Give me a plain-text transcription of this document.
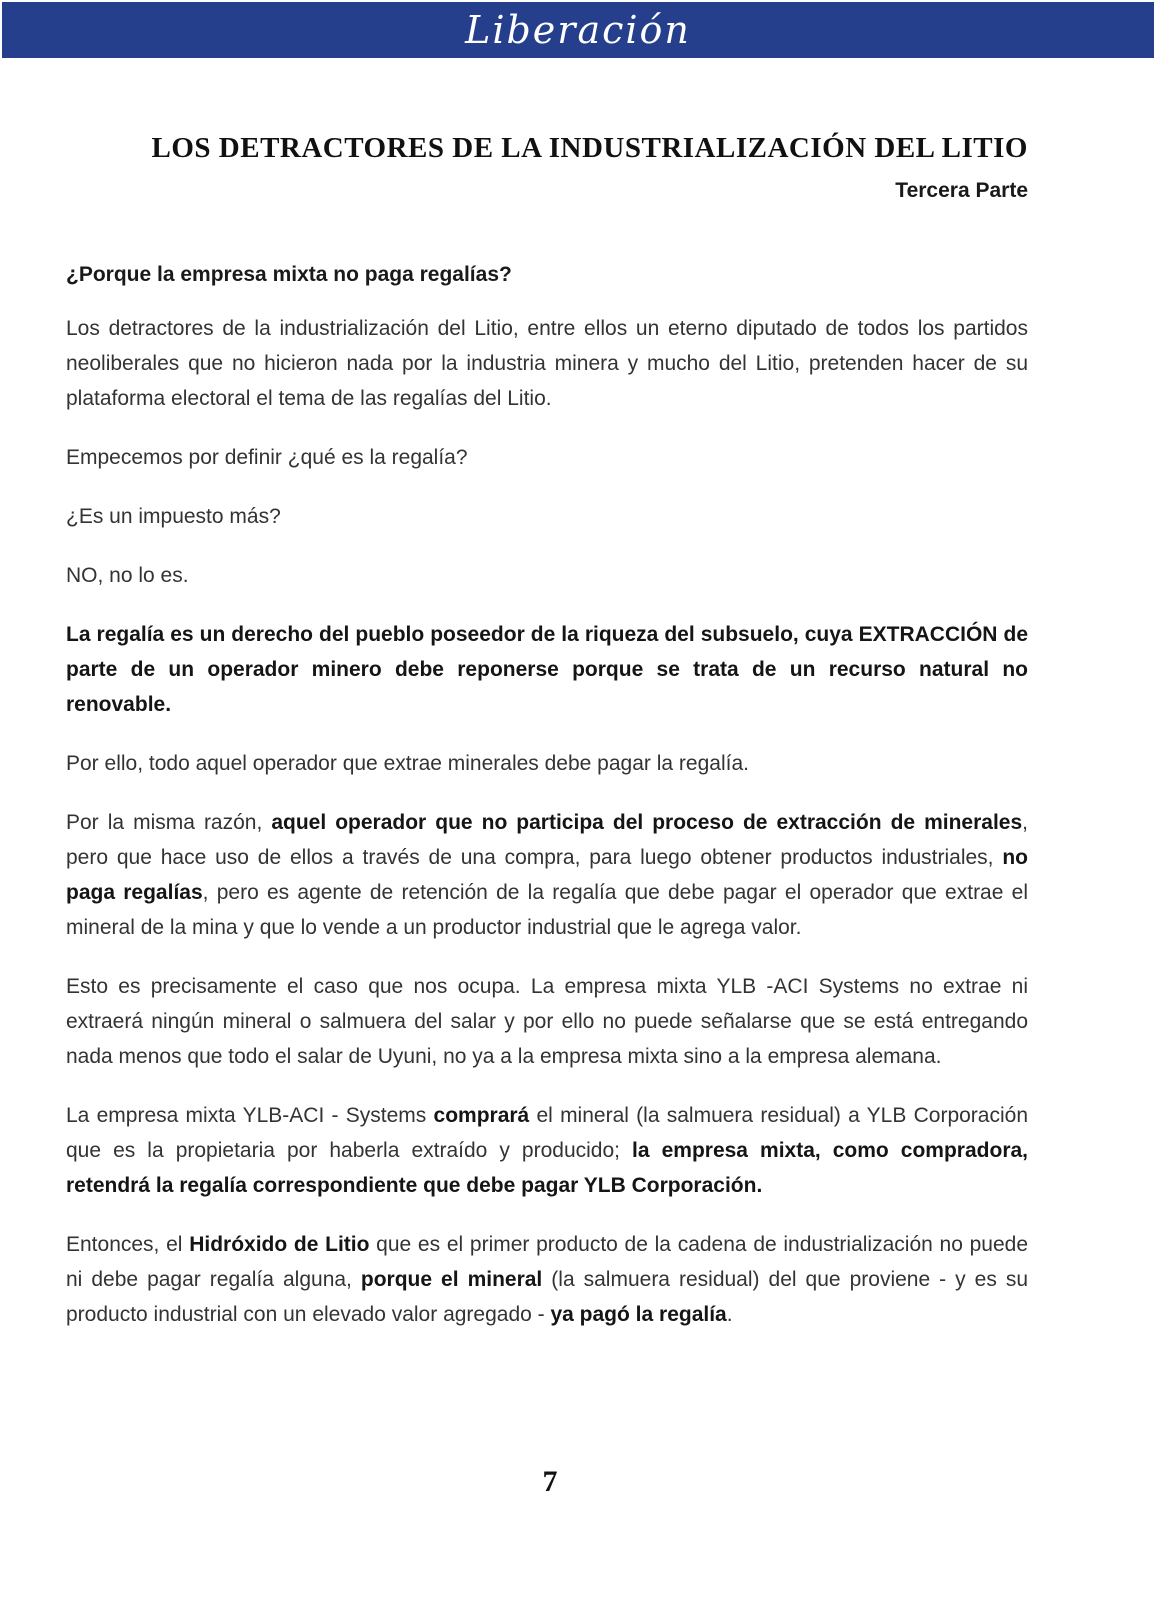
Liberación
LOS DETRACTORES DE LA INDUSTRIALIZACIÓN DEL LITIO
Tercera Parte
¿Porque la empresa mixta no paga regalías?

Los detractores de la industrialización del Litio, entre ellos un eterno diputado de todos los partidos neoliberales que no hicieron nada por la industria minera y mucho del Litio, pretenden hacer de su plataforma electoral el tema de las regalías del Litio.

Empecemos por definir ¿qué es la regalía?

¿Es un impuesto más?

NO, no lo es.

La regalía es un derecho del pueblo poseedor de la riqueza del subsuelo, cuya EXTRACCIÓN de parte de un operador minero debe reponerse porque se trata de un recurso natural no renovable.

Por ello, todo aquel operador que extrae minerales debe pagar la regalía.

Por la misma razón, aquel operador que no participa del proceso de extracción de minerales, pero que hace uso de ellos a través de una compra, para luego obtener productos industriales, no paga regalías, pero es agente de retención de la regalía que debe pagar el operador que extrae el mineral de la mina y que lo vende a un productor industrial que le agrega valor.

Esto es precisamente el caso que nos ocupa. La empresa mixta YLB -ACI Systems no extrae ni extraerá ningún mineral o salmuera del salar y por ello no puede señalarse que se está entregando nada menos que todo el salar de Uyuni, no ya a la empresa mixta sino a la empresa alemana.

La empresa mixta YLB-ACI - Systems comprará el mineral (la salmuera residual) a YLB Corporación que es la propietaria por haberla extraído y producido; la empresa mixta, como compradora, retendrá la regalía correspondiente que debe pagar YLB Corporación.

Entonces, el Hidróxido de Litio que es el primer producto de la cadena de industrialización no puede ni debe pagar regalía alguna, porque el mineral (la salmuera residual) del que proviene - y es su producto industrial con un elevado valor agregado - ya pagó la regalía.

7
